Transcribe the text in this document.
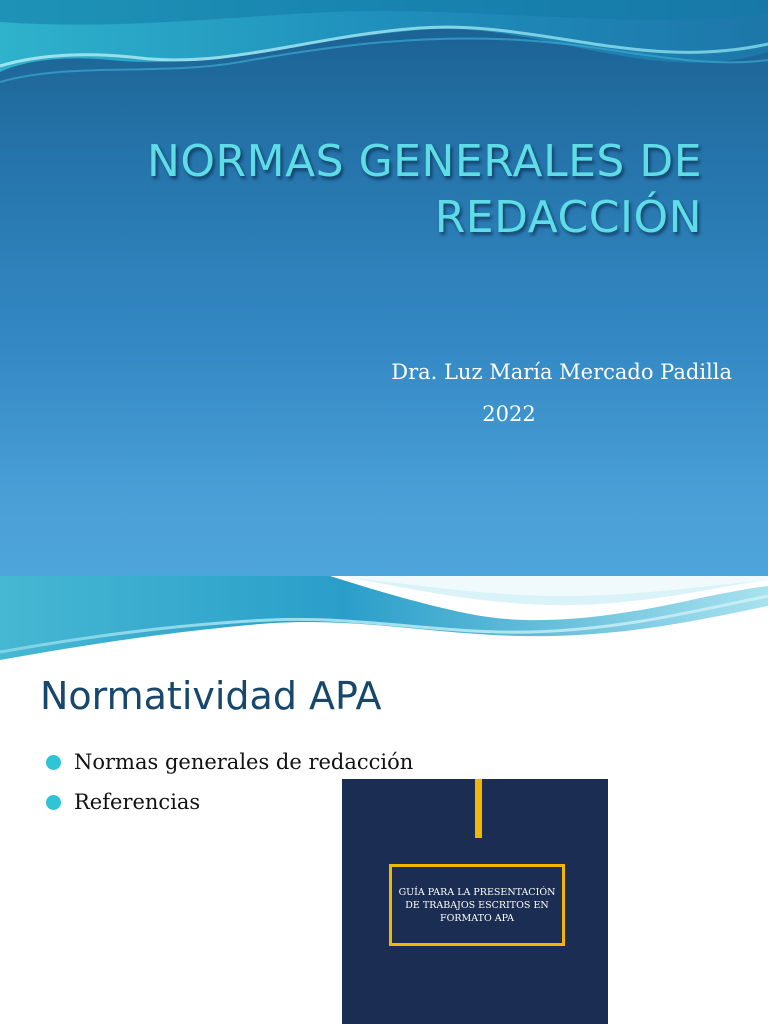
NORMAS GENERALES DE REDACCIÓN
Dra. Luz María Mercado Padilla
2022
Normatividad APA
Normas generales de redacción
Referencias
GUÍA PARA LA PRESENTACIÓN
DE TRABAJOS ESCRITOS EN
FORMATO APA
